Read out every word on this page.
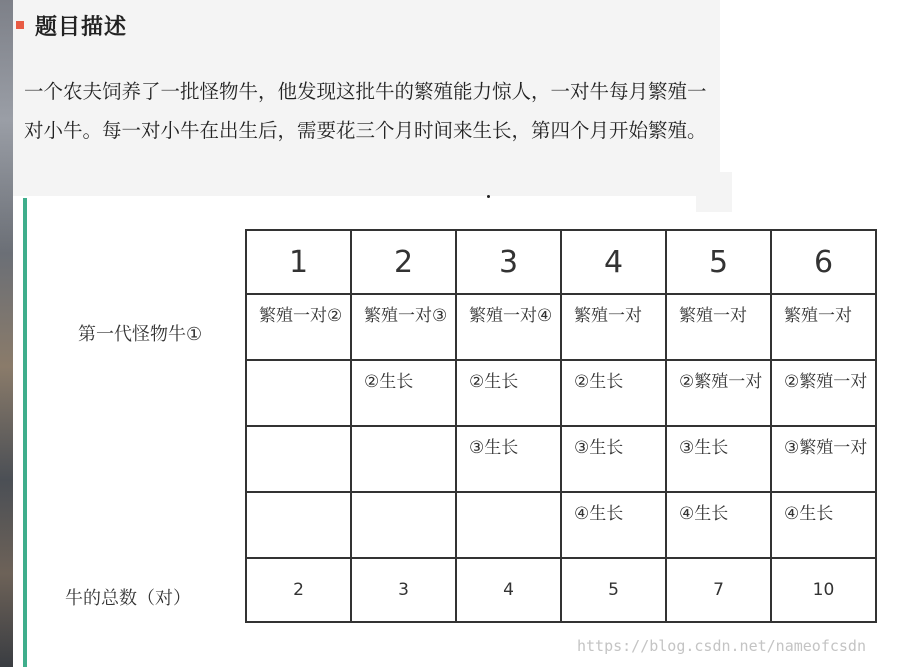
题目描述
一个农夫饲养了一批怪物牛，他发现这批牛的繁殖能力惊人，一对牛每月繁殖一对小牛。每一对小牛在出生后，需要花三个月时间来生长，第四个月开始繁殖。
第一代怪物牛①
牛的总数（对）
1	2	3	4	5	6
繁殖一对②	繁殖一对③	繁殖一对④	繁殖一对	繁殖一对	繁殖一对
	②生长	②生长	②生长	②繁殖一对	②繁殖一对
		③生长	③生长	③生长	③繁殖一对
			④生长	④生长	④生长
2	3	4	5	7	10
https://blog.csdn.net/nameofcsdn
